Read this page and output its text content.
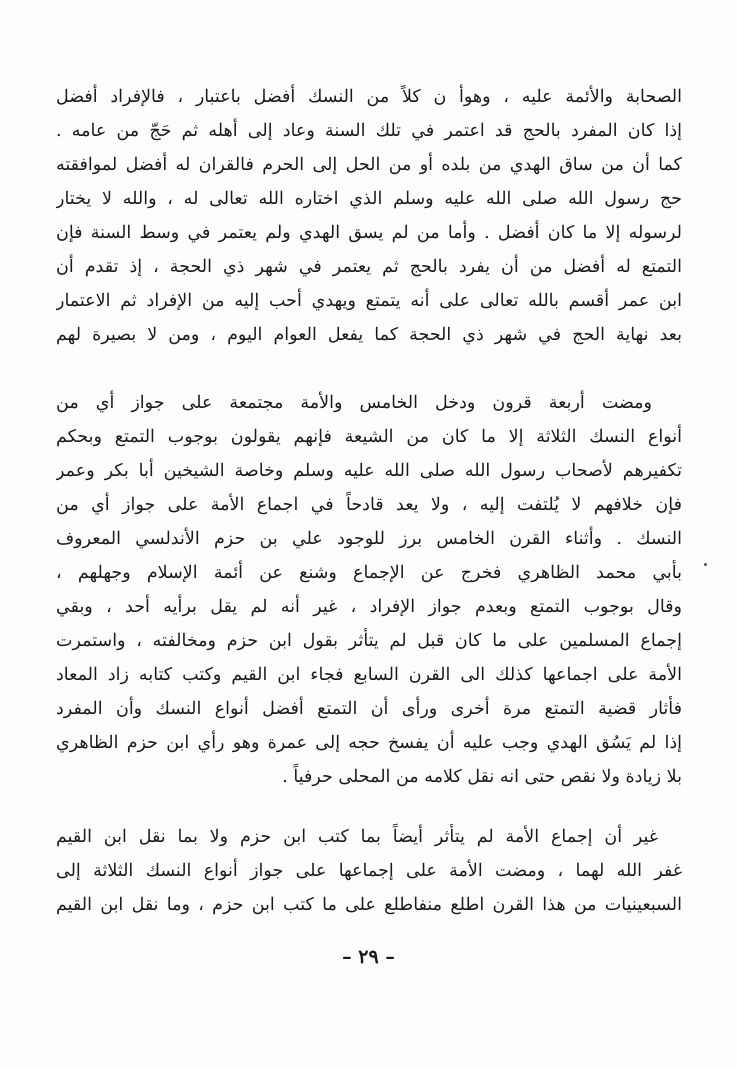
الصحابة والأئمة عليه ، وهوأ ن كلاً من النسك أفضل باعتبار ، فالإفراد أفضل
إذا كان المفرد بالحج قد اعتمر في تلك السنة وعاد إلى أهله ثم حَجّ من عامه .
كما أن من ساق الهدي من بلده أو من الحل إلى الحرم فالقران له أفضل لموافقته
حج رسول الله صلى الله عليه وسلم الذي اختاره الله تعالى له ، والله لا يختار
لرسوله إلا ما كان أفضل . وأما من لم يسق الهدي ولم يعتمر في وسط السنة فإن
التمتع له أفضل من أن يفرد بالحج ثم يعتمر في شهر ذي الحجة ، إذ تقدم أن
ابن عمر أقسم بالله تعالى على أنه يتمتع ويهدي أحب إليه من الإفراد ثم الاعتمار
بعد نهاية الحج في شهر ذي الحجة كما يفعل العوام اليوم ، ومن لا بصيرة لهم
ومضت أربعة قرون ودخل الخامس والأمة مجتمعة على جواز أي من
أنواع النسك الثلاثة إلا ما كان من الشيعة فإنهم يقولون بوجوب التمتع وبحكم
تكفيرهم لأصحاب رسول الله صلى الله عليه وسلم وخاصة الشيخين أبا بكر وعمر
فإن خلافهم لا يُلتفت إليه ، ولا يعد قادحاً في اجماع الأمة على جواز أي من
النسك . وأثناء القرن الخامس برز للوجود علي بن حزم الأندلسي المعروف
بأبي محمد الظاهري فخرج عن الإجماع وشنع عن أئمة الإسلام وجهلهم ،
وقال بوجوب التمتع وبعدم جواز الإفراد ، غير أنه لم يقل برأيه أحد ، وبقي
إجماع المسلمين على ما كان قبل لم يتأثر بقول ابن حزم ومخالفته ، واستمرت
الأمة على اجماعها كذلك الى القرن السابع فجاء ابن القيم وكتب كتابه زاد المعاد
فأثار قضية التمتع مرة أخرى ورأى أن التمتع أفضل أنواع النسك وأن المفرد
إذا لم يَسُق الهدي وجب عليه أن يفسخ حجه إلى عمرة وهو رأي ابن حزم الظاهري
بلا زيادة ولا نقص حتى انه نقل كلامه من المحلى حرفياً .
غير أن إجماع الأمة لم يتأثر أيضاً بما كتب ابن حزم ولا بما نقل ابن القيم
غفر الله لهما ، ومضت الأمة على إجماعها على جواز أنواع النسك الثلاثة إلى
السبعينيات من هذا القرن اطلع منفاطلع على ما كتب ابن حزم ، وما نقل ابن القيم
– ٢٩ –
